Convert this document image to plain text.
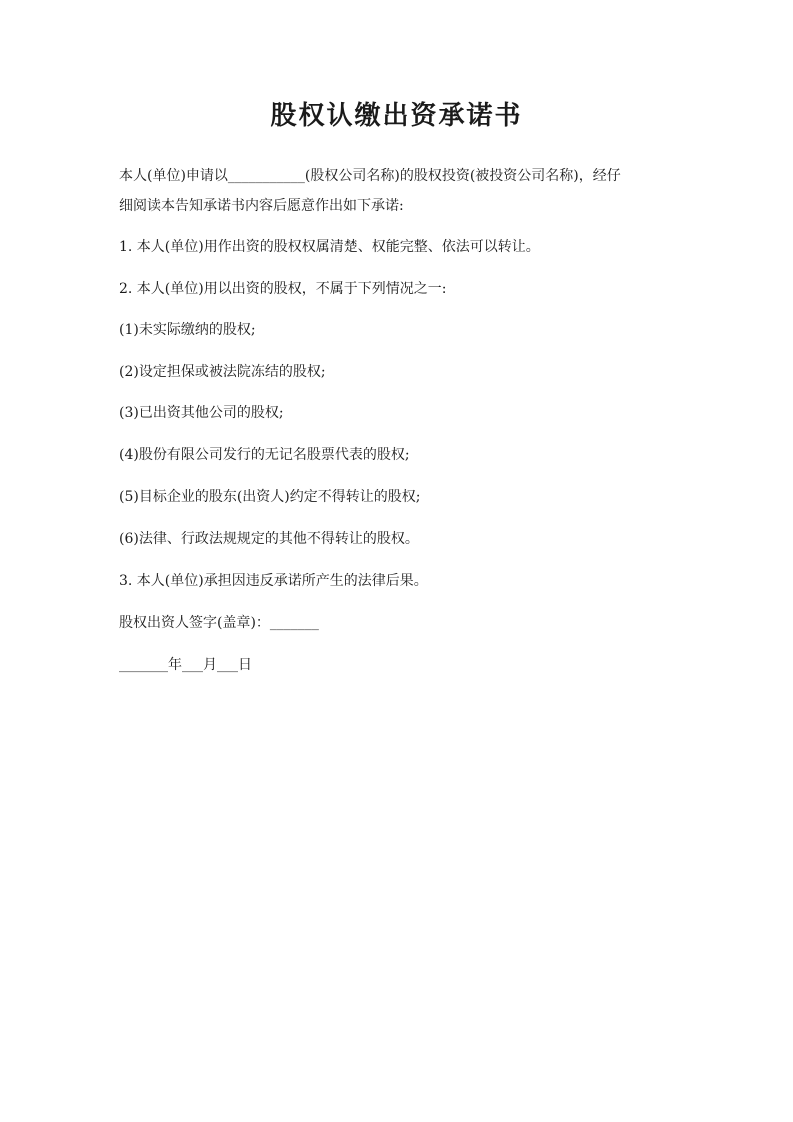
股权认缴出资承诺书
本人(单位)申请以___________(股权公司名称)的股权投资(被投资公司名称)，经仔
细阅读本告知承诺书内容后愿意作出如下承诺:
1. 本人(单位)用作出资的股权权属清楚、权能完整、依法可以转让。
2. 本人(单位)用以出资的股权，不属于下列情况之一:
(1)未实际缴纳的股权;
(2)设定担保或被法院冻结的股权;
(3)已出资其他公司的股权;
(4)股份有限公司发行的无记名股票代表的股权;
(5)目标企业的股东(出资人)约定不得转让的股权;
(6)法律、行政法规规定的其他不得转让的股权。
3. 本人(单位)承担因违反承诺所产生的法律后果。
股权出资人签字(盖章)：_______
_______年___月___日
